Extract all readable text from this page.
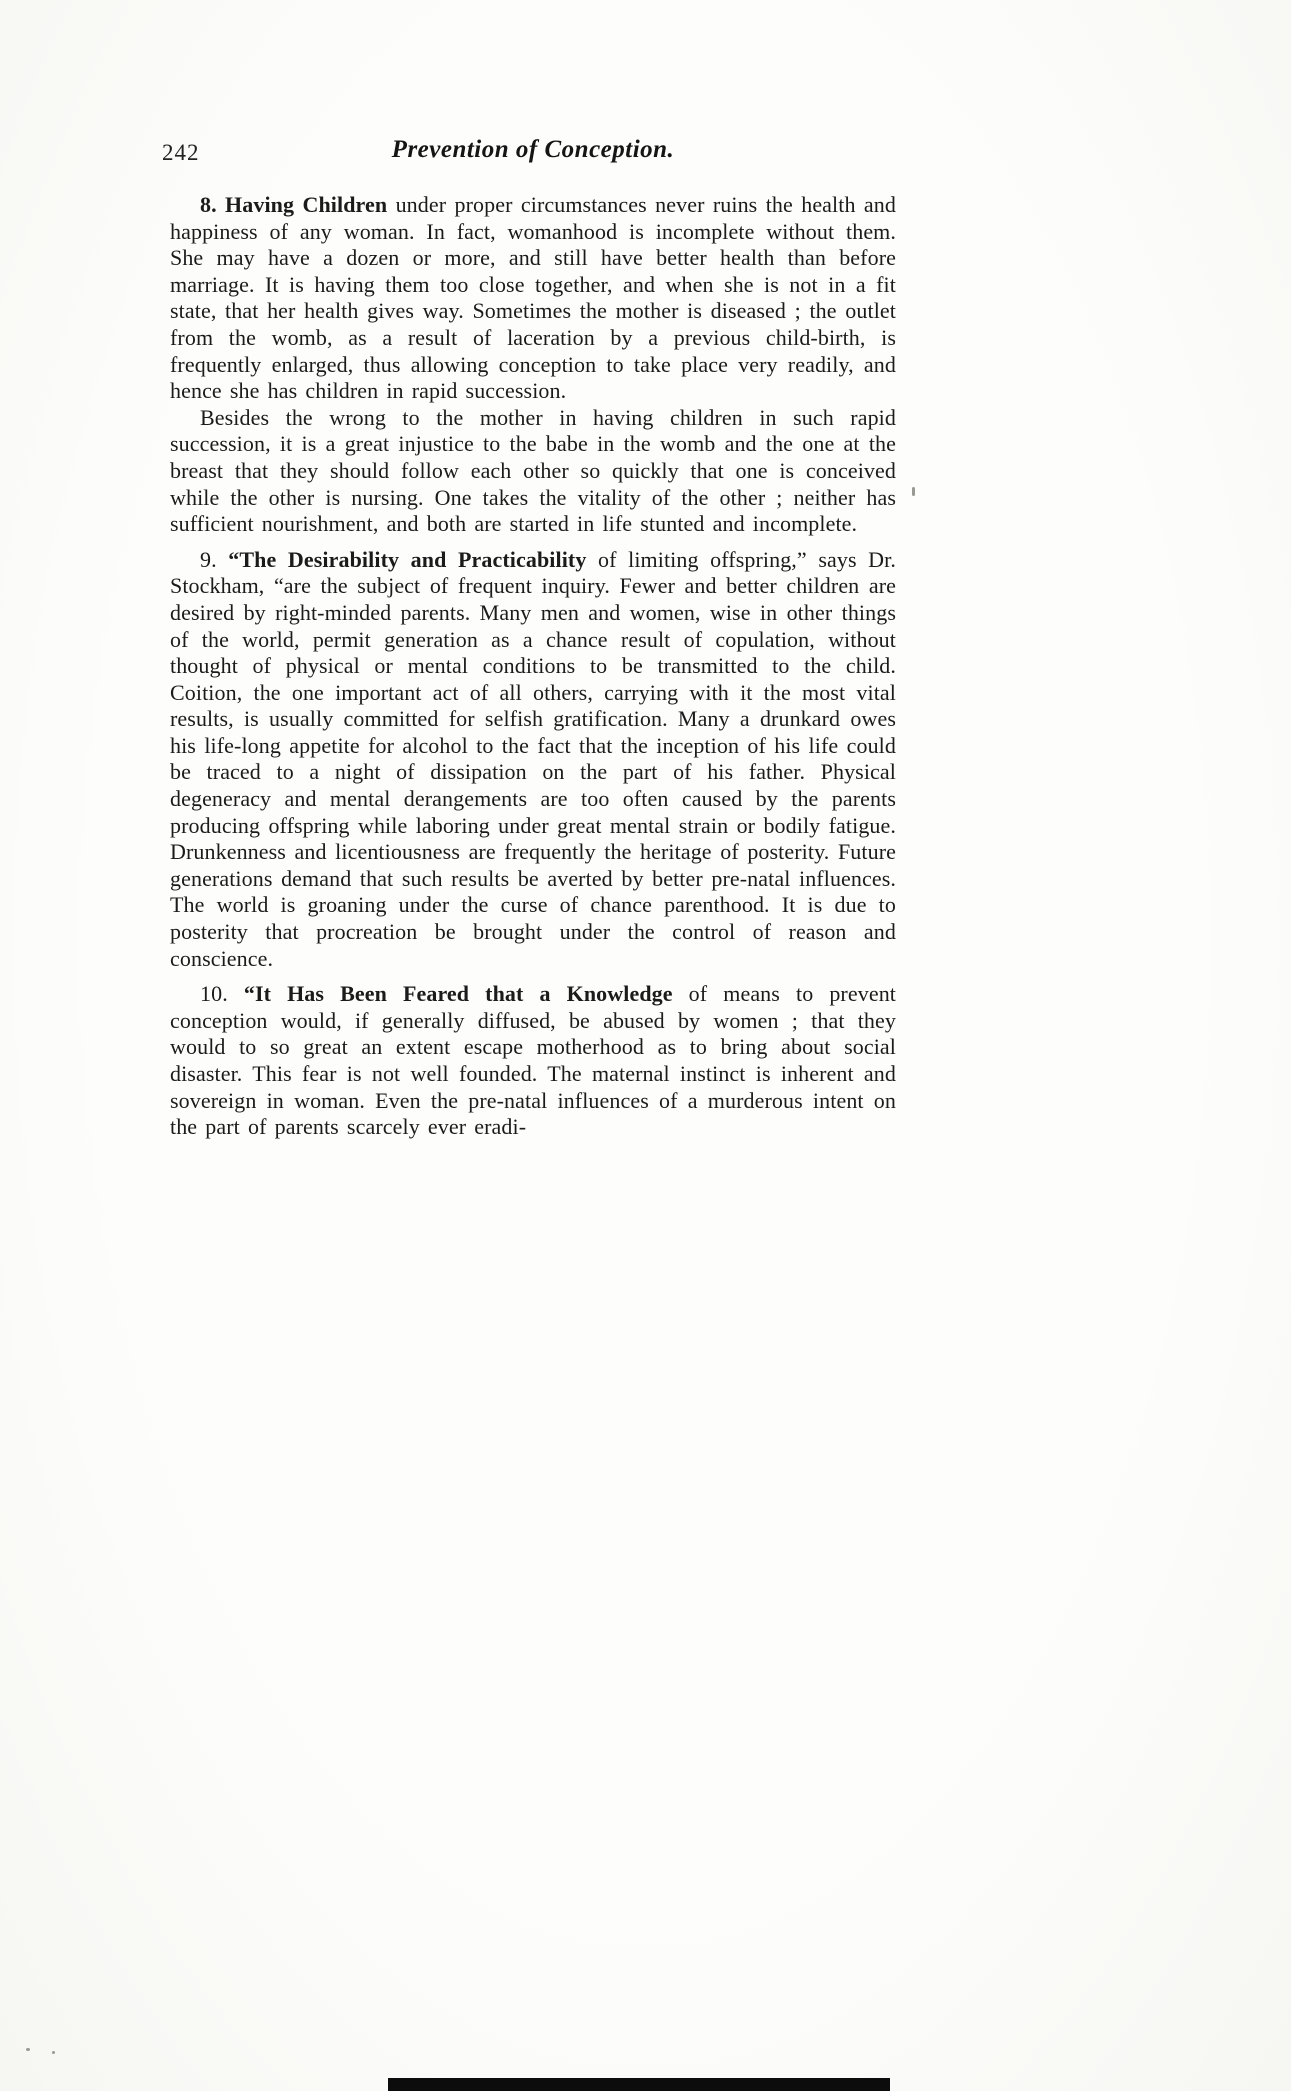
242	Prevention of Conception.

8. Having Children under proper circumstances never ruins the health and happiness of any woman. In fact, womanhood is incomplete without them. She may have a dozen or more, and still have better health than before marriage. It is having them too close together, and when she is not in a fit state, that her health gives way. Sometimes the mother is diseased ; the outlet from the womb, as a result of laceration by a previous child-birth, is frequently enlarged, thus allowing conception to take place very readily, and hence she has children in rapid succession.

Besides the wrong to the mother in having children in such rapid succession, it is a great injustice to the babe in the womb and the one at the breast that they should follow each other so quickly that one is conceived while the other is nursing. One takes the vitality of the other ; neither has sufficient nourishment, and both are started in life stunted and incomplete.

9. “The Desirability and Practicability of limiting offspring,” says Dr. Stockham, “are the subject of frequent inquiry. Fewer and better children are desired by right-minded parents. Many men and women, wise in other things of the world, permit generation as a chance result of copulation, without thought of physical or mental conditions to be transmitted to the child. Coition, the one important act of all others, carrying with it the most vital results, is usually committed for selfish gratification. Many a drunkard owes his life-long appetite for alcohol to the fact that the inception of his life could be traced to a night of dissipation on the part of his father. Physical degeneracy and mental derangements are too often caused by the parents producing offspring while laboring under great mental strain or bodily fatigue. Drunkenness and licentiousness are frequently the heritage of posterity. Future generations demand that such results be averted by better pre-natal influences. The world is groaning under the curse of chance parenthood. It is due to posterity that procreation be brought under the control of reason and conscience.

10. “It Has Been Feared that a Knowledge of means to prevent conception would, if generally diffused, be abused by women ; that they would to so great an extent escape motherhood as to bring about social disaster. This fear is not well founded. The maternal instinct is inherent and sovereign in woman. Even the pre-natal influences of a murderous intent on the part of parents scarcely ever eradi-
